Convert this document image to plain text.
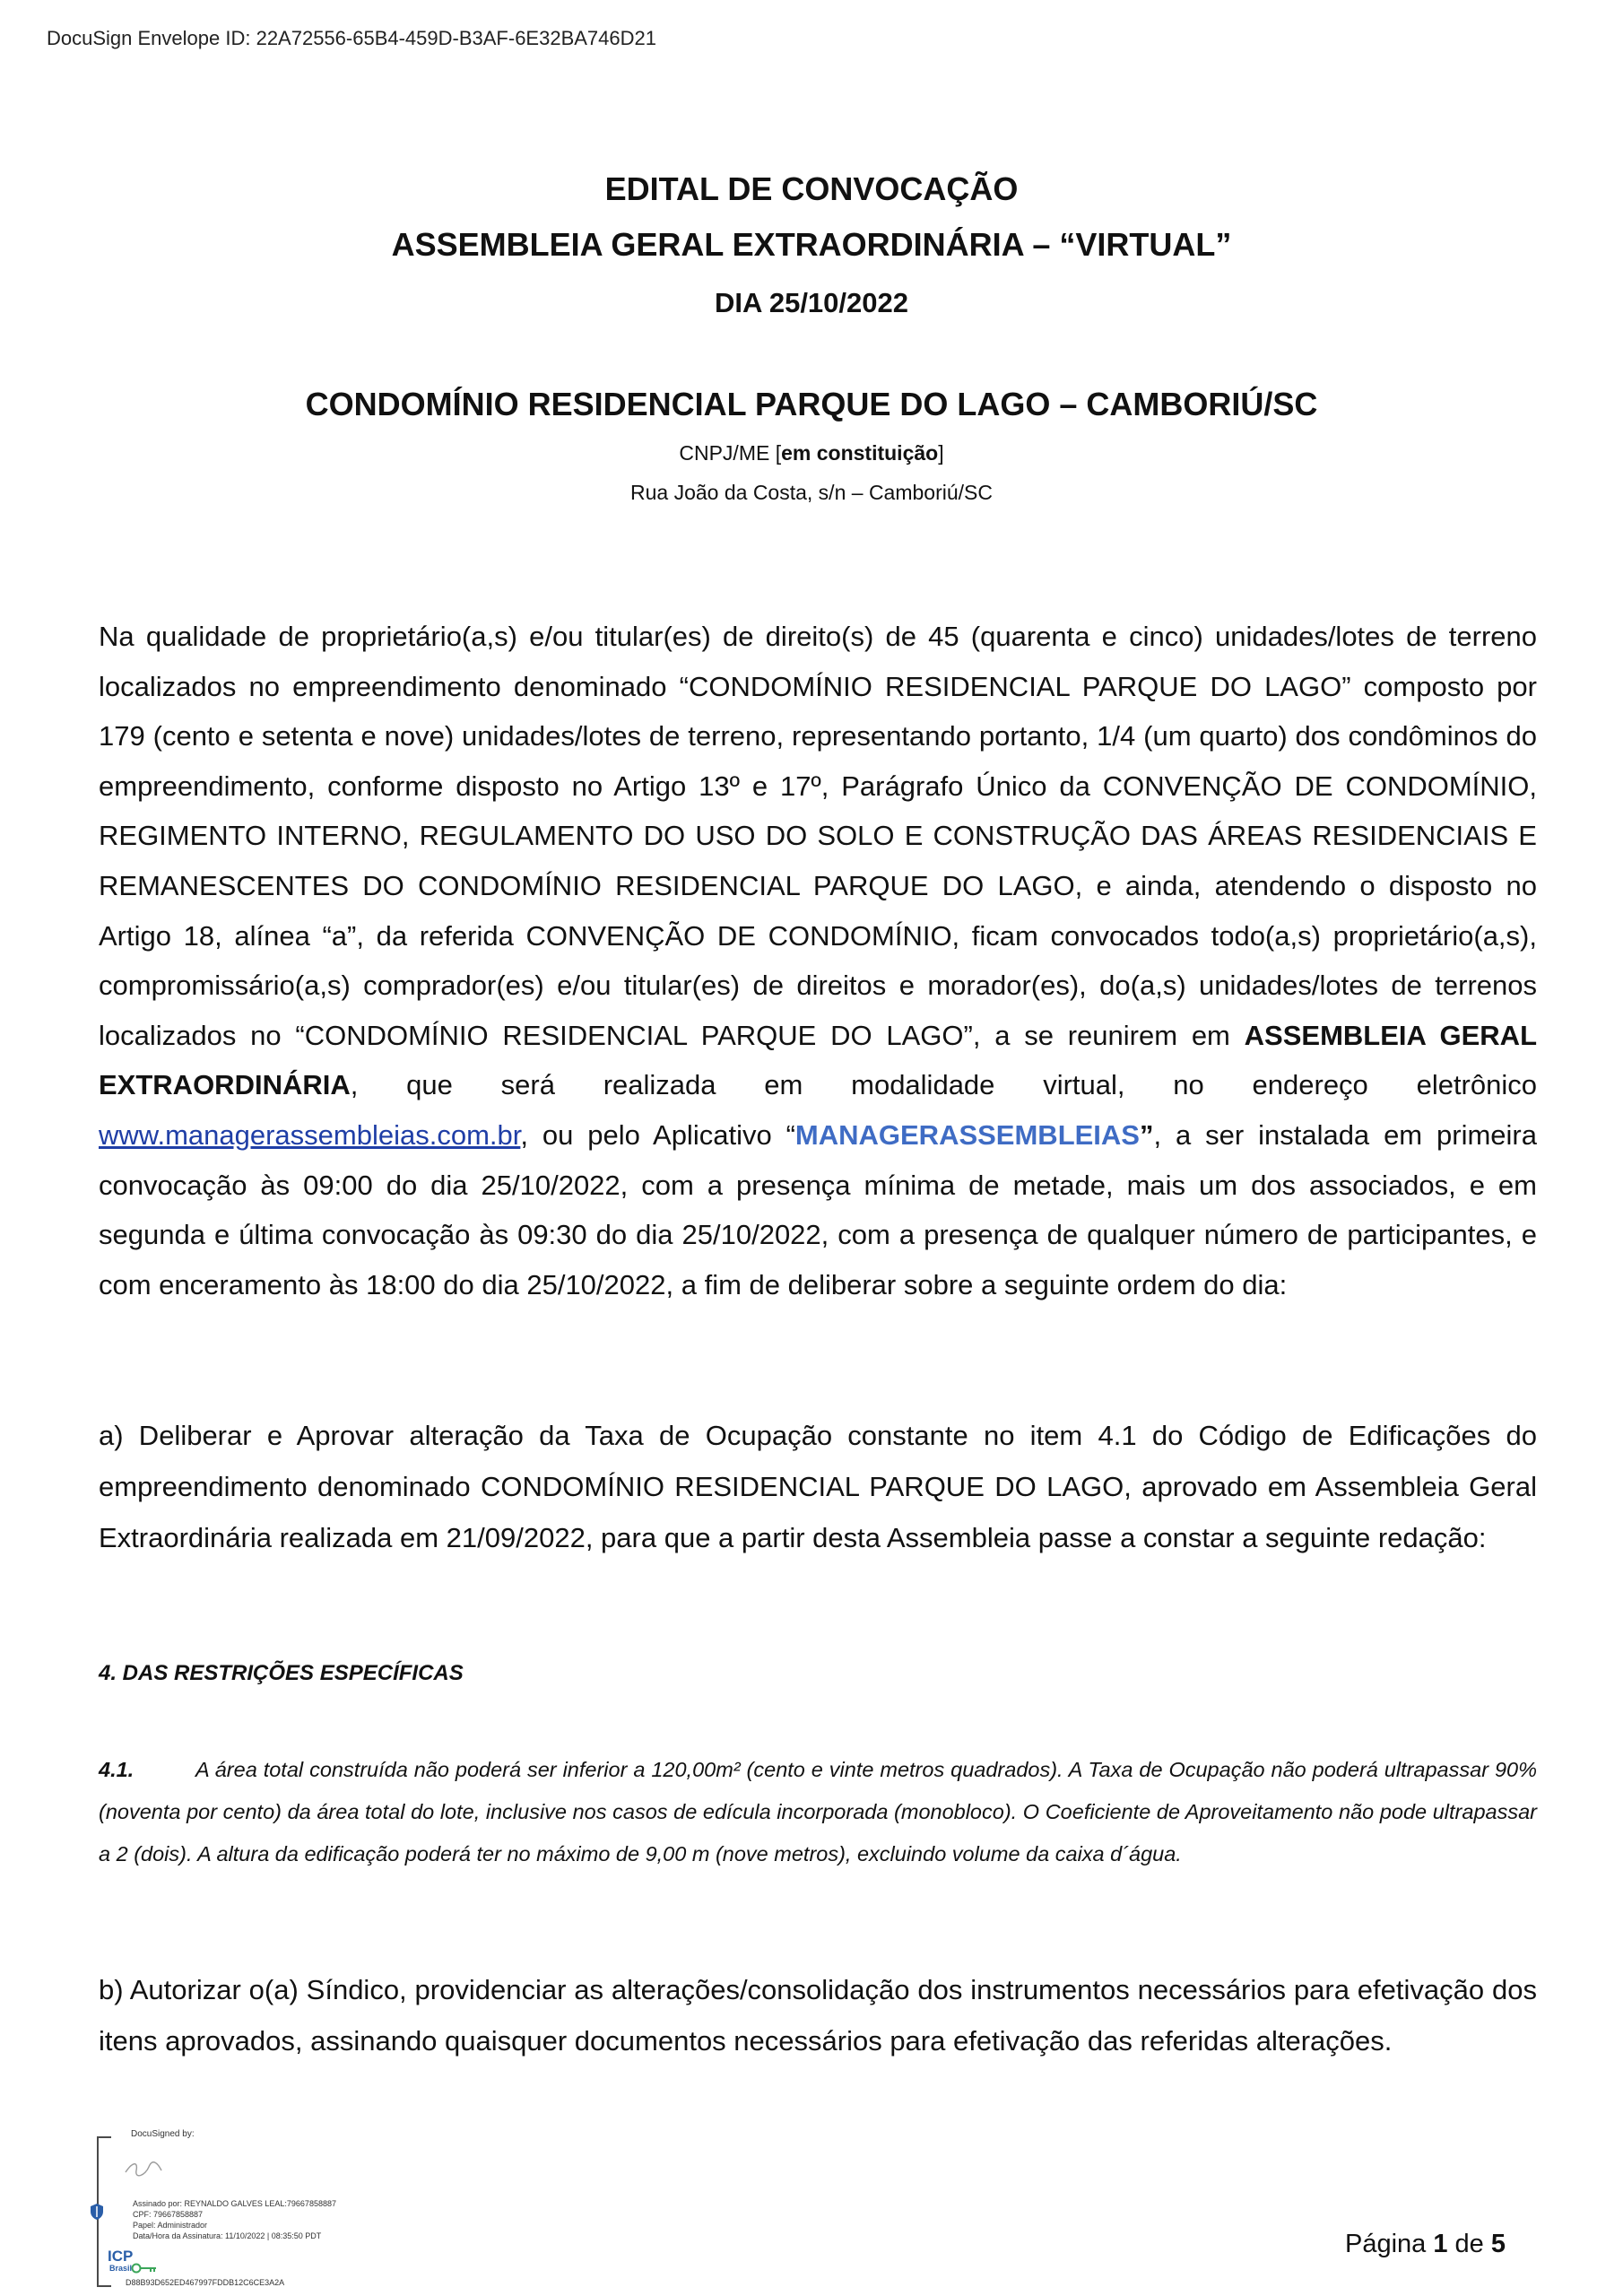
DocuSign Envelope ID: 22A72556-65B4-459D-B3AF-6E32BA746D21
EDITAL DE CONVOCAÇÃO
ASSEMBLEIA GERAL EXTRAORDINÁRIA – “VIRTUAL”
DIA 25/10/2022
CONDOMÍNIO RESIDENCIAL PARQUE DO LAGO – CAMBORIÚ/SC
CNPJ/ME [em constituição]
Rua João da Costa, s/n – Camboriú/SC
Na qualidade de proprietário(a,s) e/ou titular(es) de direito(s) de 45 (quarenta e cinco) unidades/lotes de terreno localizados no empreendimento denominado “CONDOMÍNIO RESIDENCIAL PARQUE DO LAGO” composto por 179 (cento e setenta e nove) unidades/lotes de terreno, representando portanto, 1/4 (um quarto) dos condôminos do empreendimento, conforme disposto no Artigo 13º e 17º, Parágrafo Único da CONVENÇÃO DE CONDOMÍNIO, REGIMENTO INTERNO, REGULAMENTO DO USO DO SOLO E CONSTRUÇÃO DAS ÁREAS RESIDENCIAIS E REMANESCENTES DO CONDOMÍNIO RESIDENCIAL PARQUE DO LAGO, e ainda, atendendo o disposto no Artigo 18, alínea “a”, da referida CONVENÇÃO DE CONDOMÍNIO, ficam convocados todo(a,s) proprietário(a,s), compromissário(a,s) comprador(es) e/ou titular(es) de direitos e morador(es), do(a,s) unidades/lotes de terrenos localizados no “CONDOMÍNIO RESIDENCIAL PARQUE DO LAGO”, a se reunirem em ASSEMBLEIA GERAL EXTRAORDINÁRIA, que será realizada em modalidade virtual, no endereço eletrônico www.managerassembleias.com.br, ou pelo Aplicativo “MANAGERASSEMBLEIAS”, a ser instalada em primeira convocação às 09:00 do dia 25/10/2022, com a presença mínima de metade, mais um dos associados, e em segunda e última convocação às 09:30 do dia 25/10/2022, com a presença de qualquer número de participantes, e com enceramento às 18:00 do dia 25/10/2022, a fim de deliberar sobre a seguinte ordem do dia:
a) Deliberar e Aprovar alteração da Taxa de Ocupação constante no item 4.1 do Código de Edificações do empreendimento denominado CONDOMÍNIO RESIDENCIAL PARQUE DO LAGO, aprovado em Assembleia Geral Extraordinária realizada em 21/09/2022, para que a partir desta Assembleia passe a constar a seguinte redação:
4. DAS RESTRIÇÕES ESPECÍFICAS
4.1.	A área total construída não poderá ser inferior a 120,00m² (cento e vinte metros quadrados). A Taxa de Ocupação não poderá ultrapassar 90% (noventa por cento) da área total do lote, inclusive nos casos de edícula incorporada (monobloco). O Coeficiente de Aproveitamento não pode ultrapassar a 2 (dois). A altura da edificação poderá ter no máximo de 9,00 m (nove metros), excluindo volume da caixa d´água.
b) Autorizar o(a) Síndico, providenciar as alterações/consolidação dos instrumentos necessários para efetivação dos itens aprovados, assinando quaisquer documentos necessários para efetivação das referidas alterações.
DocuSigned by:
Assinado por: REYNALDO GALVES LEAL:79667858887
CPF: 79667858887
Papel: Administrador
Data/Hora da Assinatura: 11/10/2022 | 08:35:50 PDT
ICP
Brasil
D88B93D652ED467997FDDB12C6CE3A2A
Página 1 de 5
